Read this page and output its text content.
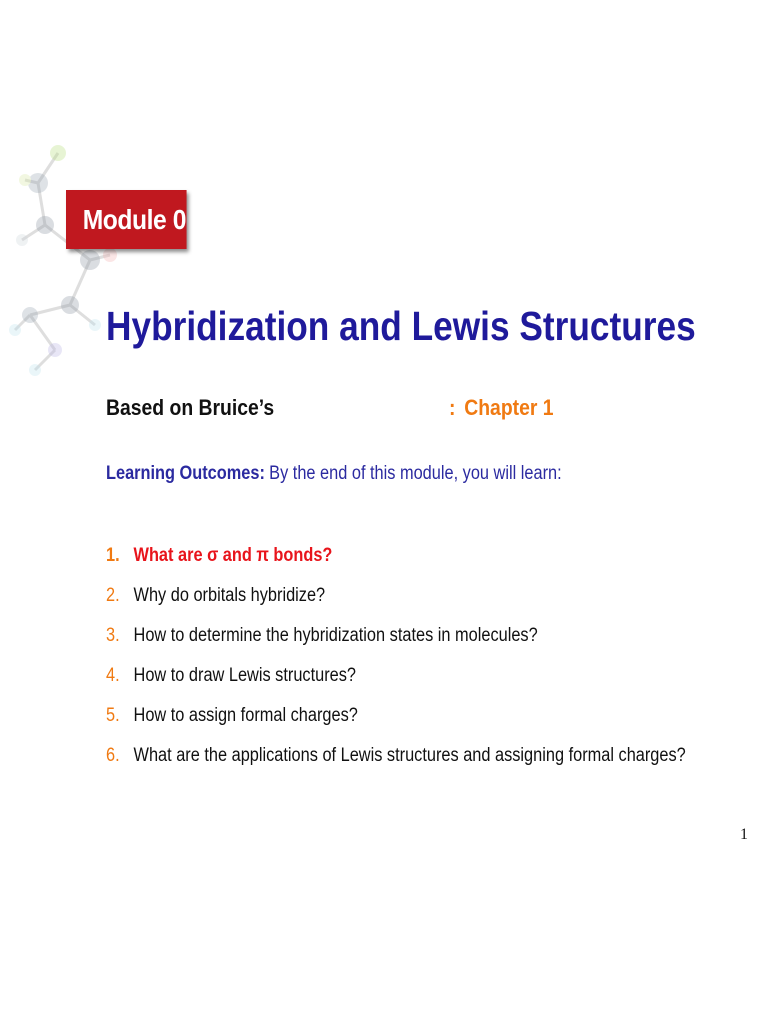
Module 0
Hybridization and Lewis Structures
Based on Bruice’s	: Chapter 1
Learning Outcomes: By the end of this module, you will learn:
1. What are σ and π bonds?
2. Why do orbitals hybridize?
3. How to determine the hybridization states in molecules?
4. How to draw Lewis structures?
5. How to assign formal charges?
6. What are the applications of Lewis structures and assigning formal charges?
1
